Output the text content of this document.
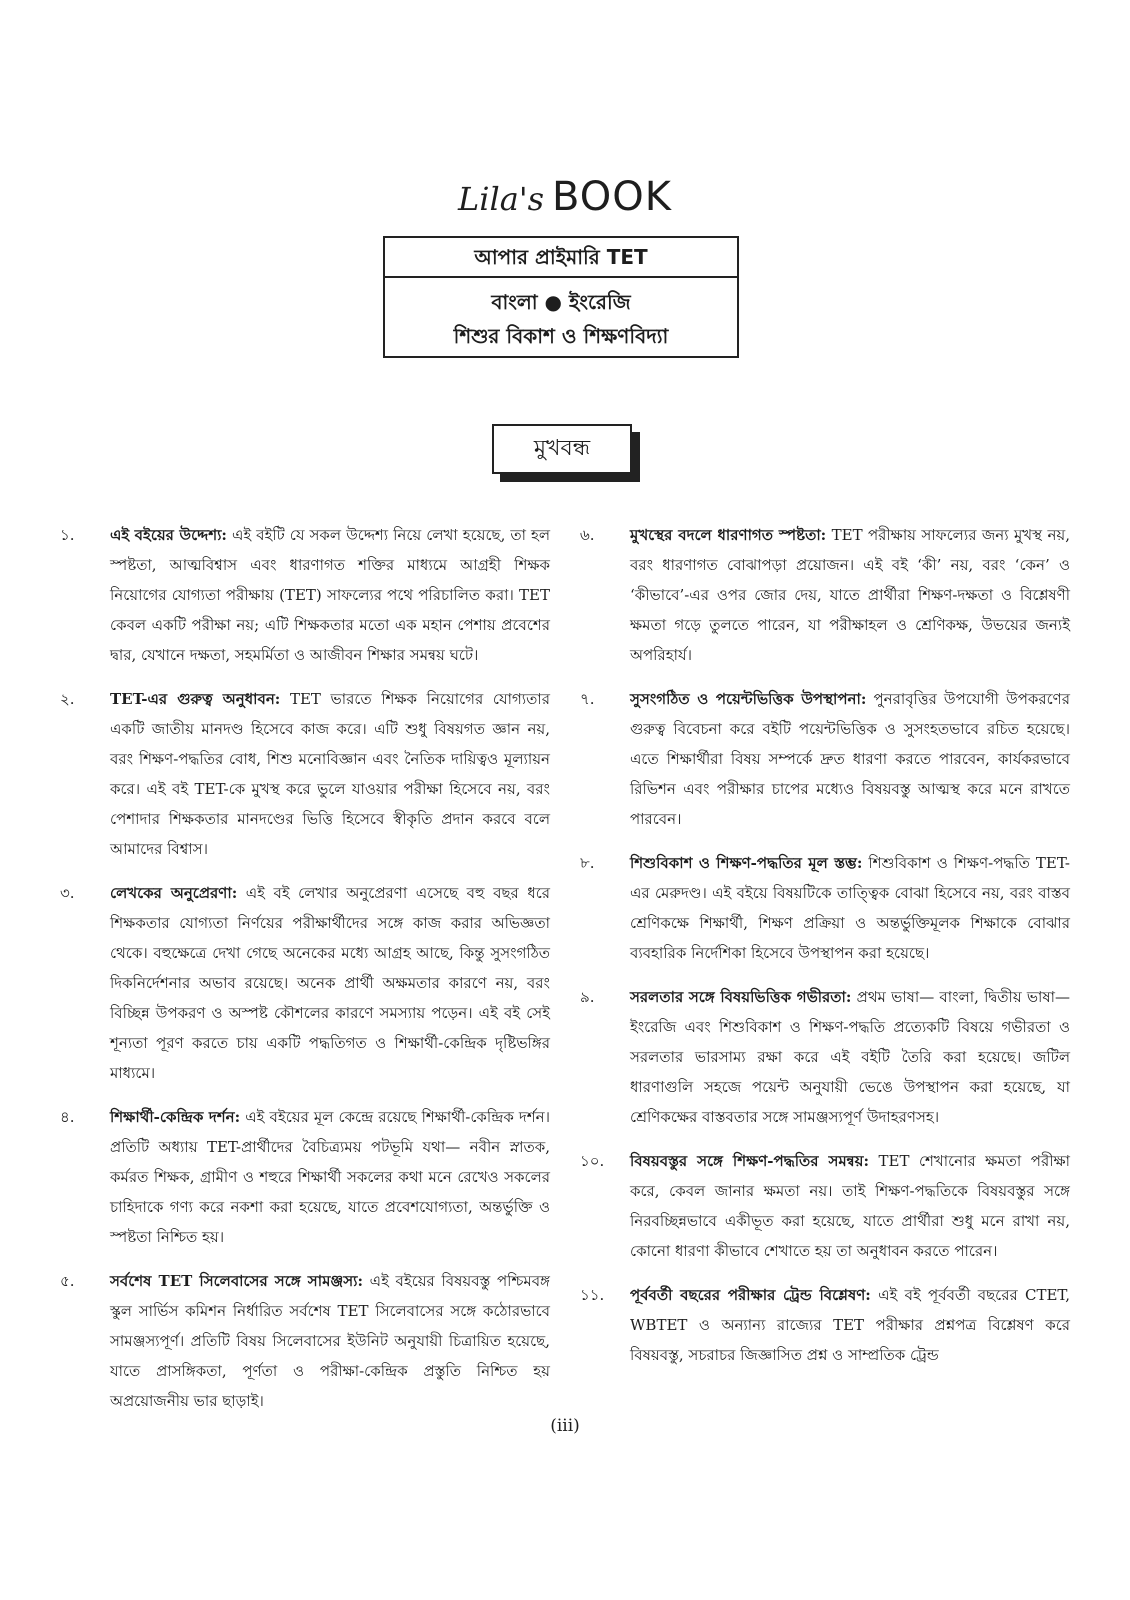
Lila's BOOK
আপার প্রাইমারি TET
বাংলা ● ইংরেজি
শিশুর বিকাশ ও শিক্ষণবিদ্যা
মুখবন্ধ
১. এই বইয়ের উদ্দেশ্য: এই বইটি যে সকল উদ্দেশ্য নিয়ে লেখা হয়েছে, তা হল স্পষ্টতা, আত্মবিশ্বাস এবং ধারণাগত শক্তির মাধ্যমে আগ্রহী শিক্ষক নিয়োগের যোগ্যতা পরীক্ষায় (TET) সাফল্যের পথে পরিচালিত করা। TET কেবল একটি পরীক্ষা নয়; এটি শিক্ষকতার মতো এক মহান পেশায় প্রবেশের দ্বার, যেখানে দক্ষতা, সহমর্মিতা ও আজীবন শিক্ষার সমন্বয় ঘটে।
২. TET-এর গুরুত্ব অনুধাবন: TET ভারতে শিক্ষক নিয়োগের যোগ্যতার একটি জাতীয় মানদণ্ড হিসেবে কাজ করে। এটি শুধু বিষয়গত জ্ঞান নয়, বরং শিক্ষণ-পদ্ধতির বোধ, শিশু মনোবিজ্ঞান এবং নৈতিক দায়িত্বও মূল্যায়ন করে। এই বই TET-কে মুখস্থ করে ভুলে যাওয়ার পরীক্ষা হিসেবে নয়, বরং পেশাদার শিক্ষকতার মানদণ্ডের ভিত্তি হিসেবে স্বীকৃতি প্রদান করবে বলে আমাদের বিশ্বাস।
৩. লেখকের অনুপ্রেরণা: এই বই লেখার অনুপ্রেরণা এসেছে বহু বছর ধরে শিক্ষকতার যোগ্যতা নির্ণয়ের পরীক্ষার্থীদের সঙ্গে কাজ করার অভিজ্ঞতা থেকে। বহুক্ষেত্রে দেখা গেছে অনেকের মধ্যে আগ্রহ আছে, কিন্তু সুসংগঠিত দিকনির্দেশনার অভাব রয়েছে। অনেক প্রার্থী অক্ষমতার কারণে নয়, বরং বিচ্ছিন্ন উপকরণ ও অস্পষ্ট কৌশলের কারণে সমস্যায় পড়েন। এই বই সেই শূন্যতা পূরণ করতে চায় একটি পদ্ধতিগত ও শিক্ষার্থী-কেন্দ্রিক দৃষ্টিভঙ্গির মাধ্যমে।
৪. শিক্ষার্থী-কেন্দ্রিক দর্শন: এই বইয়ের মূল কেন্দ্রে রয়েছে শিক্ষার্থী-কেন্দ্রিক দর্শন। প্রতিটি অধ্যায় TET-প্রার্থীদের বৈচিত্র্যময় পটভূমি যথা— নবীন স্নাতক, কর্মরত শিক্ষক, গ্রামীণ ও শহুরে শিক্ষার্থী সকলের কথা মনে রেখেও সকলের চাহিদাকে গণ্য করে নকশা করা হয়েছে, যাতে প্রবেশযোগ্যতা, অন্তর্ভুক্তি ও স্পষ্টতা নিশ্চিত হয়।
৫. সর্বশেষ TET সিলেবাসের সঙ্গে সামঞ্জস্য: এই বইয়ের বিষয়বস্তু পশ্চিমবঙ্গ স্কুল সার্ভিস কমিশন নির্ধারিত সর্বশেষ TET সিলেবাসের সঙ্গে কঠোরভাবে সামঞ্জস্যপূর্ণ। প্রতিটি বিষয় সিলেবাসের ইউনিট অনুযায়ী চিত্রায়িত হয়েছে, যাতে প্রাসঙ্গিকতা, পূর্ণতা ও পরীক্ষা-কেন্দ্রিক প্রস্তুতি নিশ্চিত হয় অপ্রয়োজনীয় ভার ছাড়াই।
৬. মুখস্থের বদলে ধারণাগত স্পষ্টতা: TET পরীক্ষায় সাফল্যের জন্য মুখস্থ নয়, বরং ধারণাগত বোঝাপড়া প্রয়োজন। এই বই ‘কী’ নয়, বরং ‘কেন’ ও ‘কীভাবে’-এর ওপর জোর দেয়, যাতে প্রার্থীরা শিক্ষণ-দক্ষতা ও বিশ্লেষণী ক্ষমতা গড়ে তুলতে পারেন, যা পরীক্ষাহল ও শ্রেণিকক্ষ, উভয়ের জন্যই অপরিহার্য।
৭. সুসংগঠিত ও পয়েন্টভিত্তিক উপস্থাপনা: পুনরাবৃত্তির উপযোগী উপকরণের গুরুত্ব বিবেচনা করে বইটি পয়েন্টভিত্তিক ও সুসংহতভাবে রচিত হয়েছে। এতে শিক্ষার্থীরা বিষয় সম্পর্কে দ্রুত ধারণা করতে পারবেন, কার্যকরভাবে রিভিশন এবং পরীক্ষার চাপের মধ্যেও বিষয়বস্তু আত্মস্থ করে মনে রাখতে পারবেন।
৮. শিশুবিকাশ ও শিক্ষণ-পদ্ধতির মূল স্তম্ভ: শিশুবিকাশ ও শিক্ষণ-পদ্ধতি TET-এর মেরুদণ্ড। এই বইয়ে বিষয়টিকে তাত্ত্বিক বোঝা হিসেবে নয়, বরং বাস্তব শ্রেণিকক্ষে শিক্ষার্থী, শিক্ষণ প্রক্রিয়া ও অন্তর্ভুক্তিমূলক শিক্ষাকে বোঝার ব্যবহারিক নির্দেশিকা হিসেবে উপস্থাপন করা হয়েছে।
৯. সরলতার সঙ্গে বিষয়ভিত্তিক গভীরতা: প্রথম ভাষা— বাংলা, দ্বিতীয় ভাষা— ইংরেজি এবং শিশুবিকাশ ও শিক্ষণ-পদ্ধতি প্রত্যেকটি বিষয়ে গভীরতা ও সরলতার ভারসাম্য রক্ষা করে এই বইটি তৈরি করা হয়েছে। জটিল ধারণাগুলি সহজে পয়েন্ট অনুযায়ী ভেঙে উপস্থাপন করা হয়েছে, যা শ্রেণিকক্ষের বাস্তবতার সঙ্গে সামঞ্জস্যপূর্ণ উদাহরণসহ।
১০. বিষয়বস্তুর সঙ্গে শিক্ষণ-পদ্ধতির সমন্বয়: TET শেখানোর ক্ষমতা পরীক্ষা করে, কেবল জানার ক্ষমতা নয়। তাই শিক্ষণ-পদ্ধতিকে বিষয়বস্তুর সঙ্গে নিরবচ্ছিন্নভাবে একীভূত করা হয়েছে, যাতে প্রার্থীরা শুধু মনে রাখা নয়, কোনো ধারণা কীভাবে শেখাতে হয় তা অনুধাবন করতে পারেন।
১১. পূর্ববর্তী বছরের পরীক্ষার ট্রেন্ড বিশ্লেষণ: এই বই পূর্ববর্তী বছরের CTET, WBTET ও অন্যান্য রাজ্যের TET পরীক্ষার প্রশ্নপত্র বিশ্লেষণ করে বিষয়বস্তু, সচরাচর জিজ্ঞাসিত প্রশ্ন ও সাম্প্রতিক ট্রেন্ড
(iii)
